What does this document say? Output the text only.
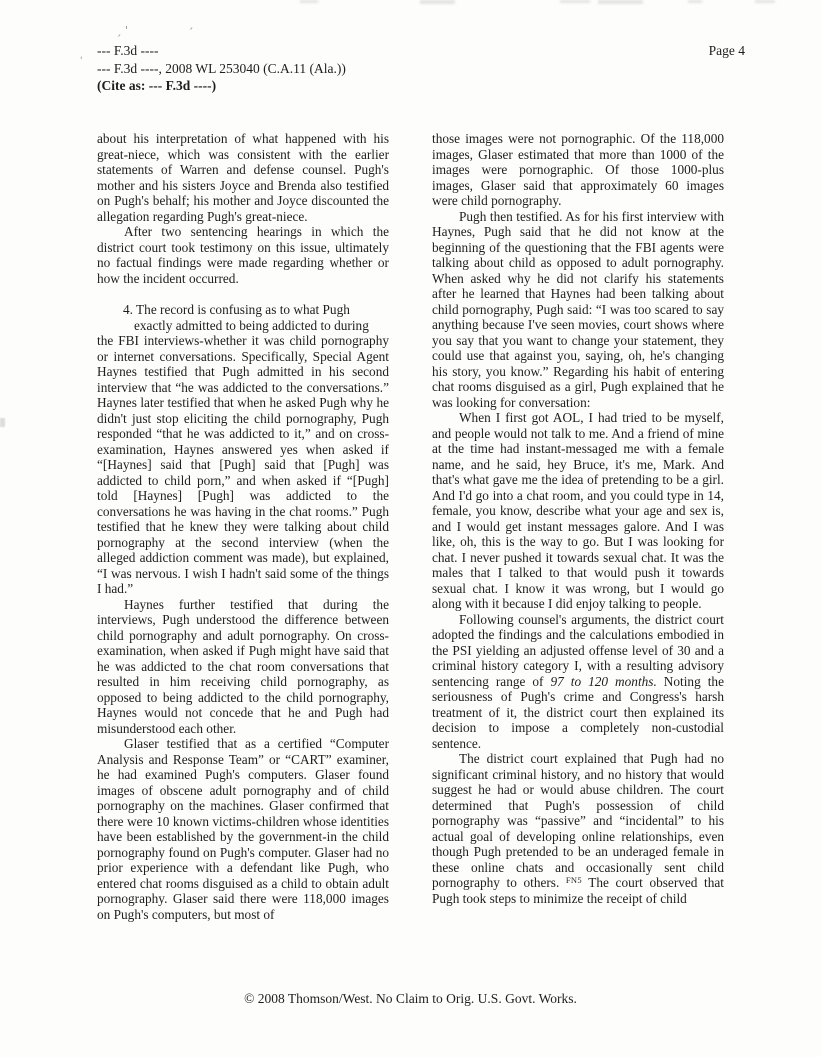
ˏ '	ˊ
'
--- F.3d ----	Page 4
--- F.3d ----, 2008 WL 253040 (C.A.11 (Ala.))
(Cite as: --- F.3d ----)

about his interpretation of what happened with his great-niece, which was consistent with the earlier statements of Warren and defense counsel. Pugh's mother and his sisters Joyce and Brenda also testified on Pugh's behalf; his mother and Joyce discounted the allegation regarding Pugh's great-niece.

After two sentencing hearings in which the district court took testimony on this issue, ultimately no factual findings were made regarding whether or how the incident occurred.

4. The record is confusing as to what Pugh
exactly admitted to being addicted to during

the FBI interviews-whether it was child pornography or internet conversations. Specifically, Special Agent Haynes testified that Pugh admitted in his second interview that “he was addicted to the conversations.” Haynes later testified that when he asked Pugh why he didn't just stop eliciting the child pornography, Pugh responded “that he was addicted to it,” and on cross-examination, Haynes answered yes when asked if “[Haynes] said that [Pugh] said that [Pugh] was addicted to child porn,” and when asked if “[Pugh] told [Haynes] [Pugh] was addicted to the conversations he was having in the chat rooms.” Pugh testified that he knew they were talking about child pornography at the second interview (when the alleged addiction comment was made), but explained, “I was nervous. I wish I hadn't said some of the things I had.”

Haynes further testified that during the interviews, Pugh understood the difference between child pornography and adult pornography. On cross-examination, when asked if Pugh might have said that he was addicted to the chat room conversations that resulted in him receiving child pornography, as opposed to being addicted to the child pornography, Haynes would not concede that he and Pugh had misunderstood each other.

Glaser testified that as a certified “Computer Analysis and Response Team” or “CART” examiner, he had examined Pugh's computers. Glaser found images of obscene adult pornography and of child pornography on the machines. Glaser confirmed that there were 10 known victims-children whose identities have been established by the government-in the child pornography found on Pugh's computer. Glaser had no prior experience with a defendant like Pugh, who entered chat rooms disguised as a child to obtain adult pornography. Glaser said there were 118,000 images on Pugh's computers, but most of

those images were not pornographic. Of the 118,000 images, Glaser estimated that more than 1000 of the images were pornographic. Of those 1000-plus images, Glaser said that approximately 60 images were child pornography.

Pugh then testified. As for his first interview with Haynes, Pugh said that he did not know at the beginning of the questioning that the FBI agents were talking about child as opposed to adult pornography. When asked why he did not clarify his statements after he learned that Haynes had been talking about child pornography, Pugh said: “I was too scared to say anything because I've seen movies, court shows where you say that you want to change your statement, they could use that against you, saying, oh, he's changing his story, you know.” Regarding his habit of entering chat rooms disguised as a girl, Pugh explained that he was looking for conversation:

When I first got AOL, I had tried to be myself, and people would not talk to me. And a friend of mine at the time had instant-messaged me with a female name, and he said, hey Bruce, it's me, Mark. And that's what gave me the idea of pretending to be a girl. And I'd go into a chat room, and you could type in 14, female, you know, describe what your age and sex is, and I would get instant messages galore. And I was like, oh, this is the way to go. But I was looking for chat. I never pushed it towards sexual chat. It was the males that I talked to that would push it towards sexual chat. I know it was wrong, but I would go along with it because I did enjoy talking to people.

Following counsel's arguments, the district court adopted the findings and the calculations embodied in the PSI yielding an adjusted offense level of 30 and a criminal history category I, with a resulting advisory sentencing range of 97 to 120 months. Noting the seriousness of Pugh's crime and Congress's harsh treatment of it, the district court then explained its decision to impose a completely non-custodial sentence.

The district court explained that Pugh had no significant criminal history, and no history that would suggest he had or would abuse children. The court determined that Pugh's possession of child pornography was “passive” and “incidental” to his actual goal of developing online relationships, even though Pugh pretended to be an underaged female in these online chats and occasionally sent child pornography to others. $^{FN5}$ The court observed that Pugh took steps to minimize the receipt of child

© 2008 Thomson/West. No Claim to Orig. U.S. Govt. Works.
